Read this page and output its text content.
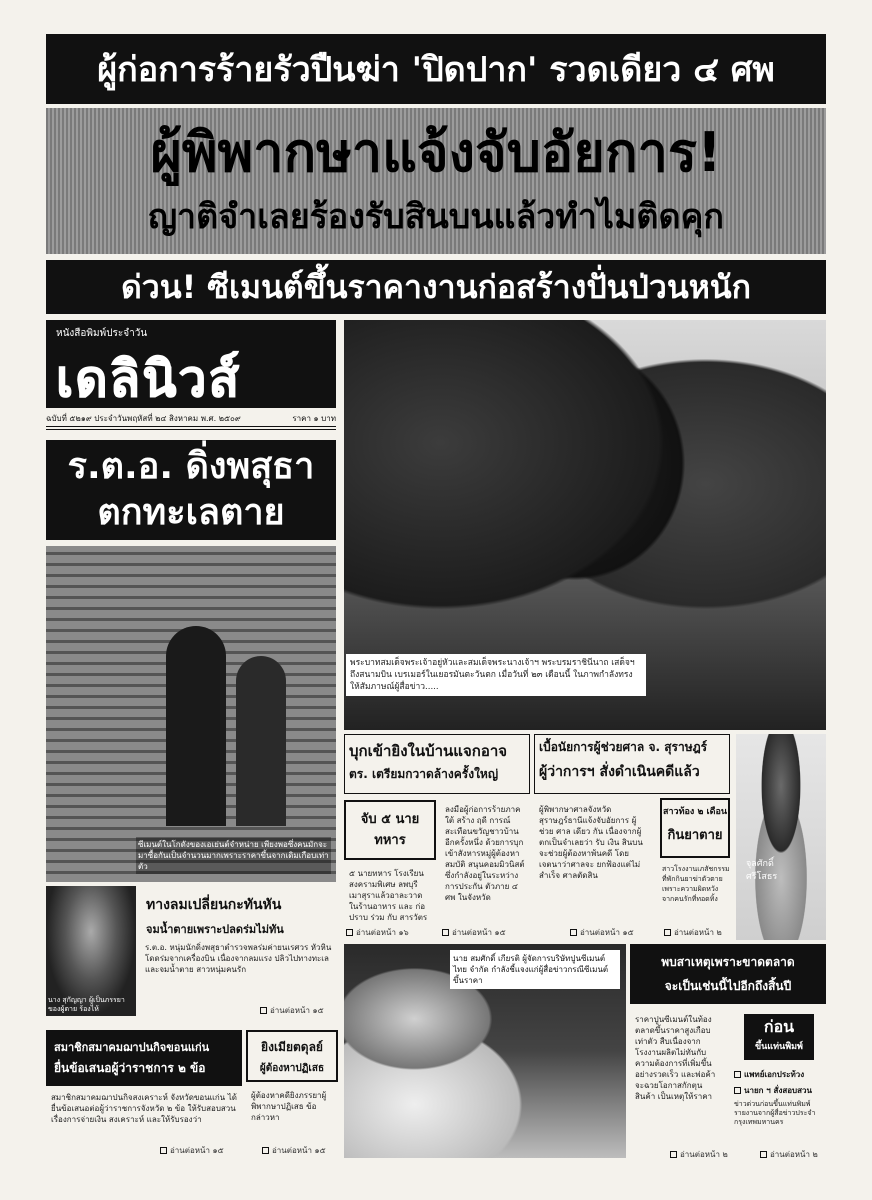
ผู้ก่อการร้ายรัวปืนฆ่า 'ปิดปาก' รวดเดียว ๔ ศพ
ผู้พิพากษาแจ้งจับอัยการ!
ญาติจำเลยร้องรับสินบนแล้วทำไมติดคุก
ด่วน! ซีเมนต์ขึ้นราคางานก่อสร้างปั่นป่วนหนัก
หนังสือพิมพ์ประจำวัน
เดลินิวส์
ฉบับที่ ๕๒๑๙ ประจำวันพฤหัสที่ ๒๔ สิงหาคม พ.ศ. ๒๕๐๙	ราคา ๑ บาท
ร.ต.อ. ดิ่งพสุธา
ตกทะเลตาย
ซีเมนต์ในโกดังของเอเย่นต์จำหน่าย เพียงพอซึ่งคนมักจะมาซื้อกันเป็นจำนวนมากเพราะราคาขึ้นจากเดิมเกือบเท่าตัว
พระบาทสมเด็จพระเจ้าอยู่หัวและสมเด็จพระนางเจ้าฯ พระบรมราชินีนาถ เสด็จฯ ถึงสนามบิน เบรเมอร์ในเยอรมันตะวันตก เมื่อวันที่ ๒๓ เดือนนี้ ในภาพกำลังทรงให้สัมภาษณ์ผู้สื่อข่าว.....
บุกเข้ายิงในบ้านแจกอาจ
ตร. เตรียมกวาดล้างครั้งใหญ่
จับ ๕ นายทหาร
๕ นายทหาร โรงเรียนสงครามพิเศษ ลพบุรี เมาสุราแล้วอาละวาดในร้านอาหาร และ ก่อ ปราบ ร่วม กับ สารวัตร
อ่านต่อหน้า ๑๖
ลงมือผู้ก่อการร้ายภาคใต้ สร้าง ฤดี การณ์ สะเทือนขวัญชาวบ้านอีกครั้งหนึ่ง ด้วยการบุกเข้าสังหารหมู่ผู้ต้องหา สมบัติ สนุนคอมมิวนิสต์ซึ่งกำลังอยู่ในระหว่างการประกัน ตัวภาย ๔ ศพ ในจังหวัด
อ่านต่อหน้า ๑๕
เบื้อนัยการผู้ช่วยศาล จ. สุราษฎร์
ผู้ว่าการฯ สั่งดำเนินคดีแล้ว
ผู้พิพากษาศาลจังหวัดสุราษฎร์ธานีแจ้งจับอัยการ ผู้ ช่วย ศาล เดียว กัน เนื่องจากผู้ตกเป็นจำเลยว่า รับ เงิน สินบน จะช่วยผู้ต้องหาพ้นคดี โดยเจตนาว่าศาลจะ ยกฟ้องแต่ไม่สำเร็จ ศาลตัดสิน
อ่านต่อหน้า ๑๕
สาวท้อง ๒ เดือน
กินยาตาย
สาวโรงงานเภสัชกรรม ที่พักกินยาฆ่าตัวตาย เพราะความผิดหวังจากคนรักที่ทอดทิ้ง
อ่านต่อหน้า ๒
จุลศักดิ์
ศรีโสธร
นาง สุกัญญา ผู้เป็นภรรยาของผู้ตาย ร้องไห้
ทางลมเปลี่ยนกะทันหัน
จมน้ำตายเพราะปลดร่มไม่ทัน
ร.ต.อ. หนุ่มนักดิ่งพสุธาตำรวจพลร่มค่ายนเรศวร หัวหินโดดร่มจากเครื่องบิน เนื่องจากลมแรง ปลิวไปทางทะเลและจมน้ำตาย สาวหนุ่มคนรัก
อ่านต่อหน้า ๑๕
สมาชิกสมาคมฌาปนกิจขอนแก่น
ยื่นข้อเสนอผู้ว่าราชการ ๒ ข้อ
สมาชิกสมาคมฌาปนกิจสงเคราะห์ จังหวัดขอนแก่น ได้ยื่นข้อเสนอต่อผู้ว่าราชการจังหวัด ๒ ข้อ ให้รับสอบสวนเรื่องการจ่ายเงิน สงเคราะห์ และให้รับรองว่า
อ่านต่อหน้า ๑๕
ยิงเมียตดุลย์
ผู้ต้องหาปฏิเสธ
ผู้ต้องหาคดียิงภรรยาผู้พิพากษาปฏิเสธ ข้อกล่าวหา
อ่านต่อหน้า ๑๕
นาย สมศักดิ์ เกียรติ ผู้จัดการบริษัทปูนซีเมนต์ไทย จำกัด กำลังชี้แจงแก่ผู้สื่อข่าวกรณีซีเมนต์ขึ้นราคา
พบสาเหตุเพราะขาดตลาด
จะเป็นเช่นนี้ไปอีกถึงสิ้นปี
ราคาปูนซีเมนต์ในท้องตลาดขึ้นราคาสูงเกือบเท่าตัว สืบเนื่องจากโรงงานผลิตไม่ทันกับความต้องการที่เพิ่มขึ้นอย่างรวดเร็ว และพ่อค้าจะฉวยโอกาสกักตุนสินค้า เป็นเหตุให้ราคา
อ่านต่อหน้า ๒
ก่อน
ขึ้นแท่นพิมพ์
แพทย์เอกประท้วง
นายก ฯ สั่งสอบสวน
ข่าวด่วนก่อนขึ้นแท่นพิมพ์ รายงานจากผู้สื่อข่าวประจำกรุงเทพมหานคร
อ่านต่อหน้า ๒
